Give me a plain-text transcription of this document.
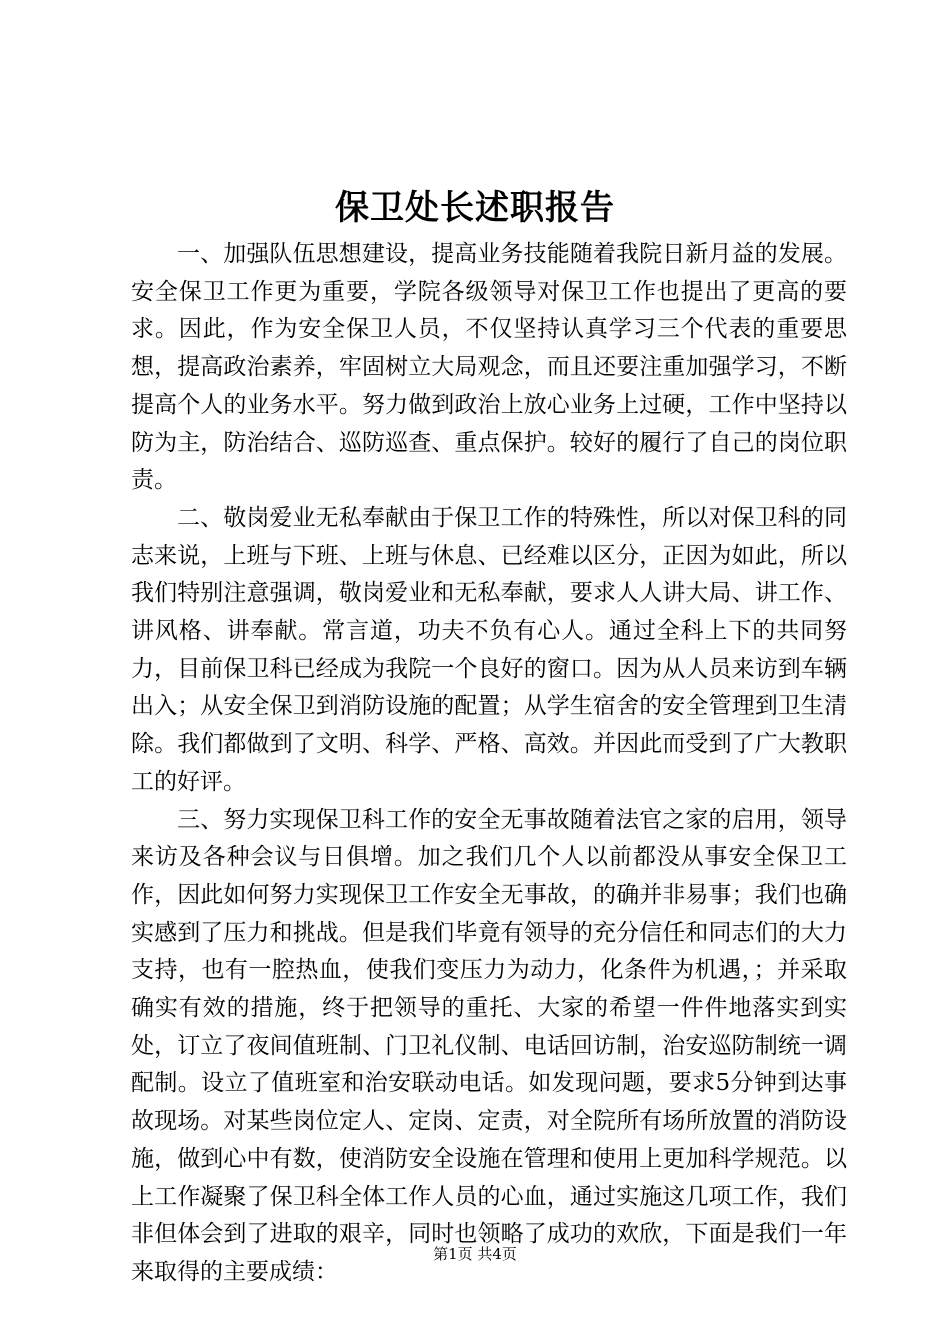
保卫处长述职报告

一、加强队伍思想建设，提高业务技能随着我院日新月益的发展。安全保卫工作更为重要，学院各级领导对保卫工作也提出了更高的要求。因此，作为安全保卫人员，不仅坚持认真学习三个代表的重要思想，提高政治素养，牢固树立大局观念，而且还要注重加强学习，不断提高个人的业务水平。努力做到政治上放心业务上过硬，工作中坚持以防为主，防治结合、巡防巡查、重点保护。较好的履行了自己的岗位职责。

二、敬岗爱业无私奉献由于保卫工作的特殊性，所以对保卫科的同志来说，上班与下班、上班与休息、已经难以区分，正因为如此，所以我们特别注意强调，敬岗爱业和无私奉献，要求人人讲大局、讲工作、讲风格、讲奉献。常言道，功夫不负有心人。通过全科上下的共同努力，目前保卫科已经成为我院一个良好的窗口。因为从人员来访到车辆出入；从安全保卫到消防设施的配置；从学生宿舍的安全管理到卫生清除。我们都做到了文明、科学、严格、高效。并因此而受到了广大教职工的好评。

三、努力实现保卫科工作的安全无事故随着法官之家的启用，领导来访及各种会议与日俱增。加之我们几个人以前都没从事安全保卫工作，因此如何努力实现保卫工作安全无事故，的确并非易事；我们也确实感到了压力和挑战。但是我们毕竟有领导的充分信任和同志们的大力支持，也有一腔热血，使我们变压力为动力，化条件为机遇，；并采取确实有效的措施，终于把领导的重托、大家的希望一件件地落实到实处，订立了夜间值班制、门卫礼仪制、电话回访制，治安巡防制统一调配制。设立了值班室和治安联动电话。如发现问题，要求5分钟到达事故现场。对某些岗位定人、定岗、定责，对全院所有场所放置的消防设施，做到心中有数，使消防安全设施在管理和使用上更加科学规范。以上工作凝聚了保卫科全体工作人员的心血，通过实施这几项工作，我们非但体会到了进取的艰辛，同时也领略了成功的欢欣，下面是我们一年来取得的主要成绩：

第1页 共4页
